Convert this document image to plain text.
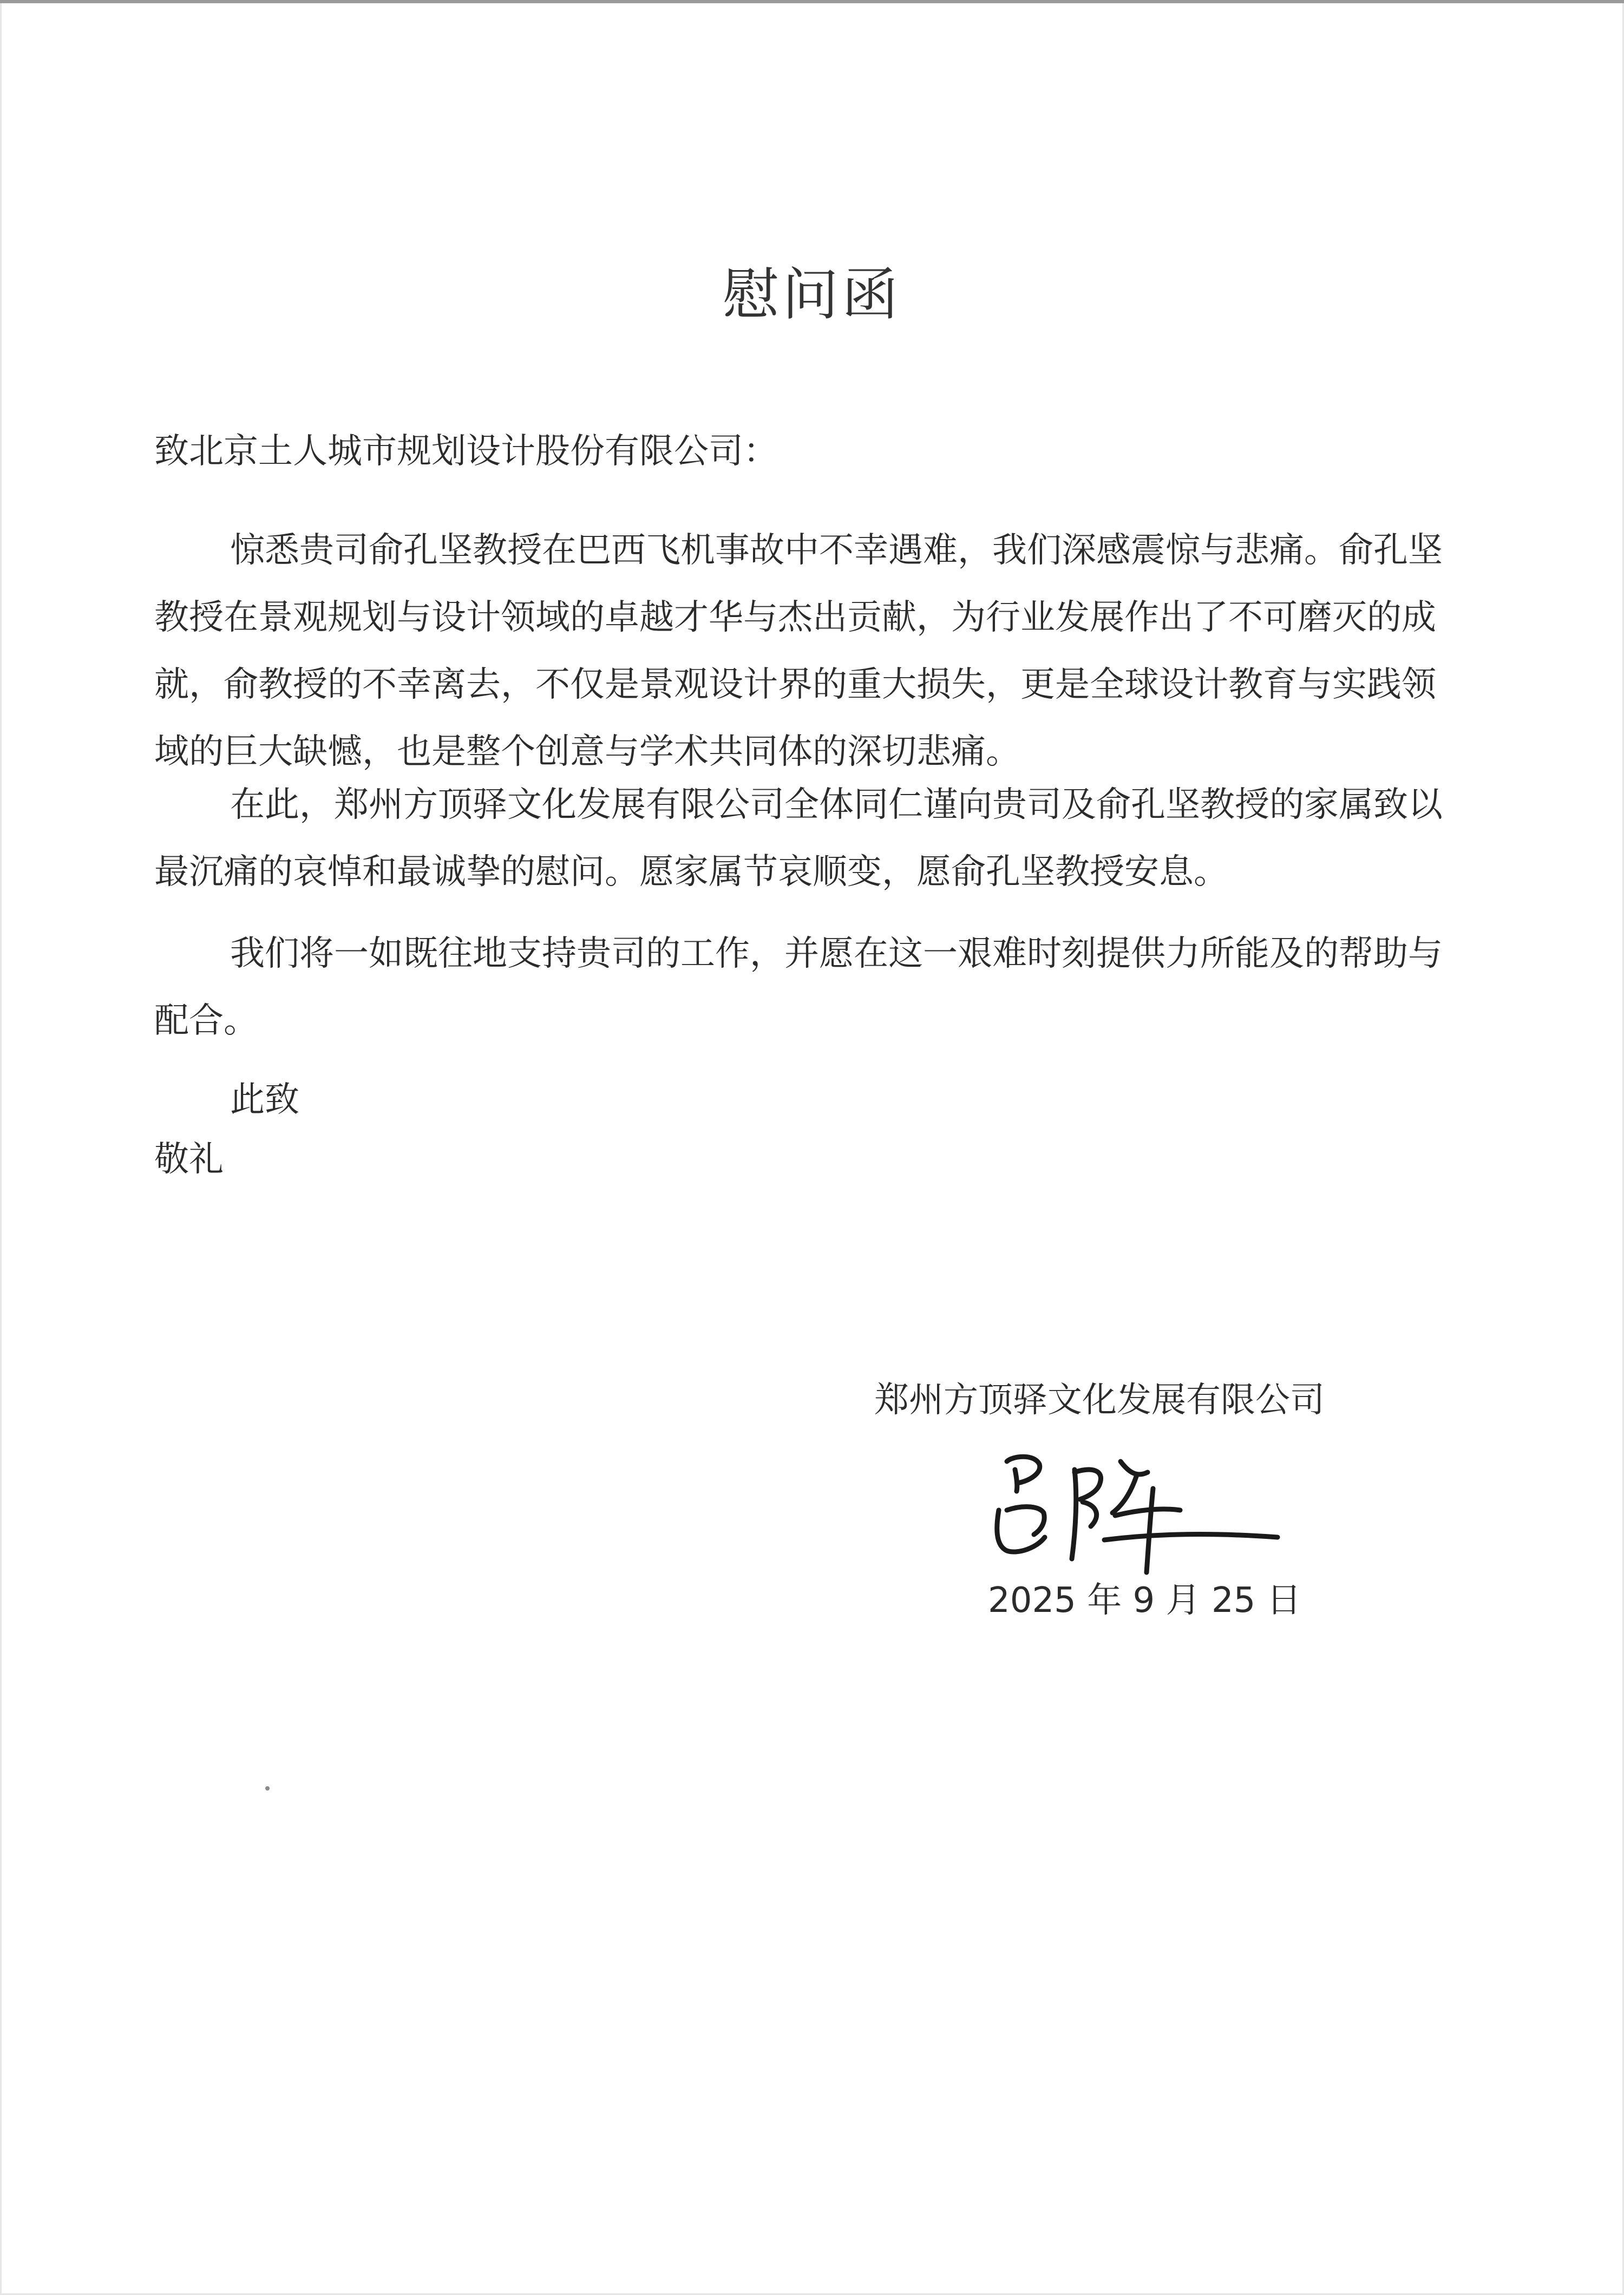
慰问函
致北京土人城市规划设计股份有限公司：

惊悉贵司俞孔坚教授在巴西飞机事故中不幸遇难，我们深感震惊与悲痛。俞孔坚教授在景观规划与设计领域的卓越才华与杰出贡献，为行业发展作出了不可磨灭的成就，俞教授的不幸离去，不仅是景观设计界的重大损失，更是全球设计教育与实践领域的巨大缺憾，也是整个创意与学术共同体的深切悲痛。

在此，郑州方顶驿文化发展有限公司全体同仁谨向贵司及俞孔坚教授的家属致以最沉痛的哀悼和最诚挚的慰问。愿家属节哀顺变，愿俞孔坚教授安息。

我们将一如既往地支持贵司的工作，并愿在这一艰难时刻提供力所能及的帮助与配合。

此致
敬礼
郑州方顶驿文化发展有限公司
2025 年 9 月 25 日
